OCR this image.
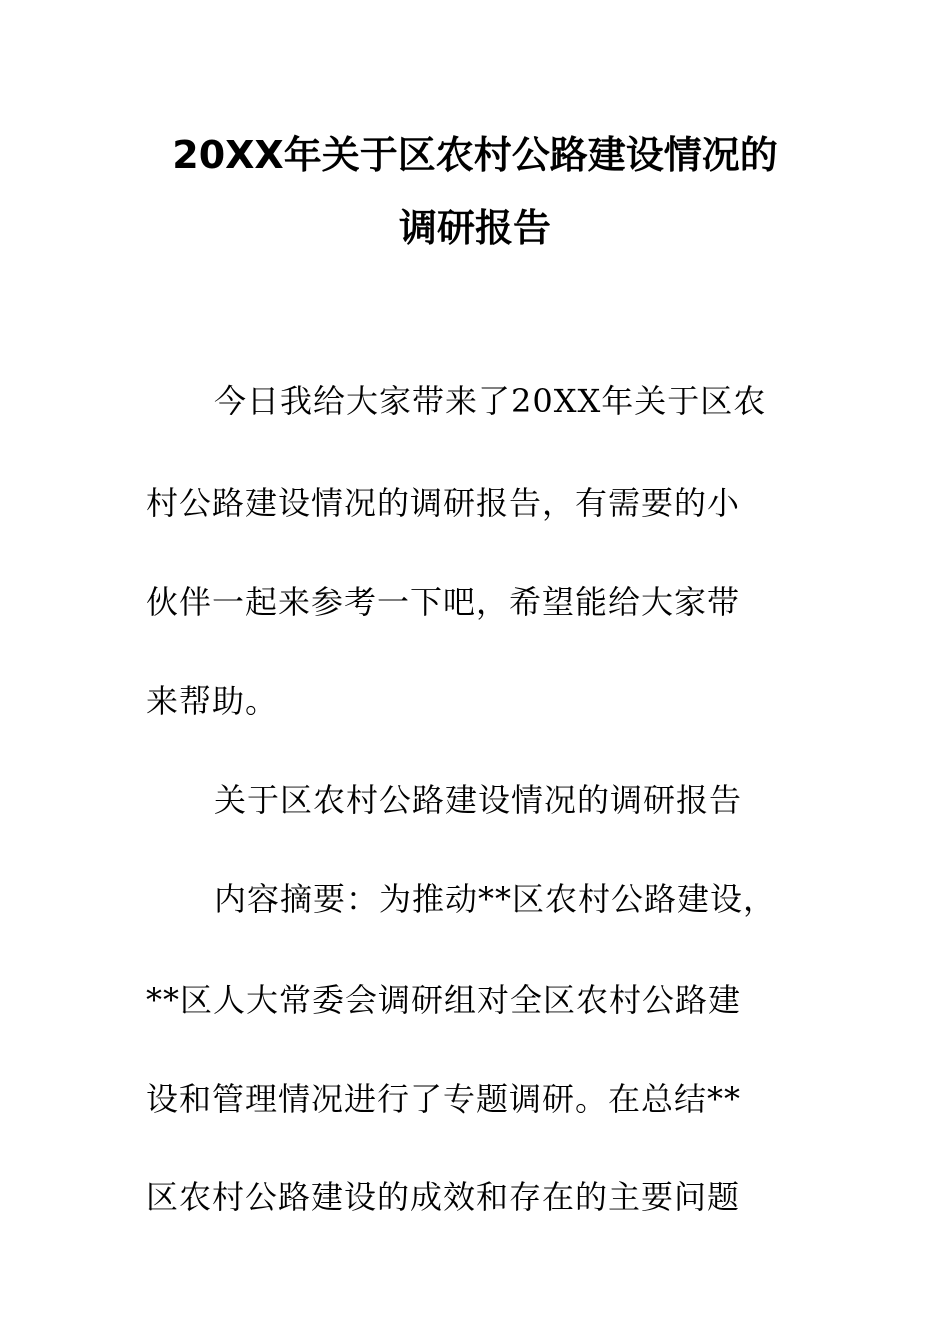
20XX年关于区农村公路建设情况的
调研报告
今日我给大家带来了20XX年关于区农
村公路建设情况的调研报告，有需要的小
伙伴一起来参考一下吧，希望能给大家带
来帮助。
关于区农村公路建设情况的调研报告
内容摘要：为推动**区农村公路建设，
**区人大常委会调研组对全区农村公路建
设和管理情况进行了专题调研。在总结**
区农村公路建设的成效和存在的主要问题
